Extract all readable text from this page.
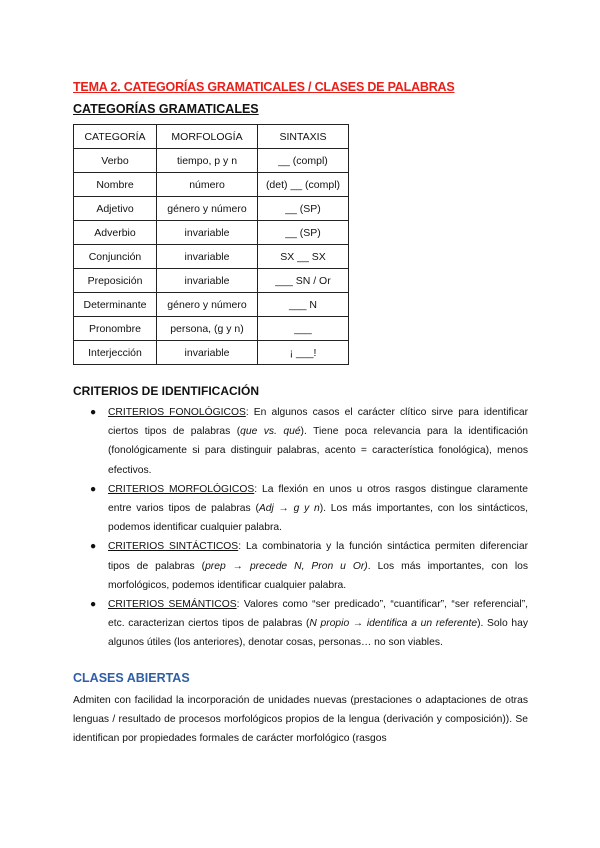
TEMA 2. CATEGORÍAS GRAMATICALES / CLASES DE PALABRAS
CATEGORÍAS GRAMATICALES
CATEGORÍA	MORFOLOGÍA	SINTAXIS
Verbo	tiempo, p y n	__ (compl)
Nombre	número	(det) __ (compl)
Adjetivo	género y número	__ (SP)
Adverbio	invariable	__ (SP)
Conjunción	invariable	SX __ SX
Preposición	invariable	___ SN / Or
Determinante	género y número	___ N
Pronombre	persona, (g y n)	___
Interjección	invariable	¡ ___!
CRITERIOS DE IDENTIFICACIÓN
● CRITERIOS FONOLÓGICOS: En algunos casos el carácter clítico sirve para identificar ciertos tipos de palabras (que vs. qué). Tiene poca relevancia para la identificación (fonológicamente si para distinguir palabras, acento = característica fonológica), menos efectivos.
● CRITERIOS MORFOLÓGICOS: La flexión en unos u otros rasgos distingue claramente entre varios tipos de palabras (Adj → g y n). Los más importantes, con los sintácticos, podemos identificar cualquier palabra.
● CRITERIOS SINTÁCTICOS: La combinatoria y la función sintáctica permiten diferenciar tipos de palabras (prep → precede N, Pron u Or). Los más importantes, con los morfológicos, podemos identificar cualquier palabra.
● CRITERIOS SEMÁNTICOS: Valores como “ser predicado”, “cuantificar”, “ser referencial”, etc. caracterizan ciertos tipos de palabras (N propio → identifica a un referente). Solo hay algunos útiles (los anteriores), denotar cosas, personas… no son viables.
CLASES ABIERTAS

Admiten con facilidad la incorporación de unidades nuevas (prestaciones o adaptaciones de otras lenguas / resultado de procesos morfológicos propios de la lengua (derivación y composición)). Se identifican por propiedades formales de carácter morfológico (rasgos
